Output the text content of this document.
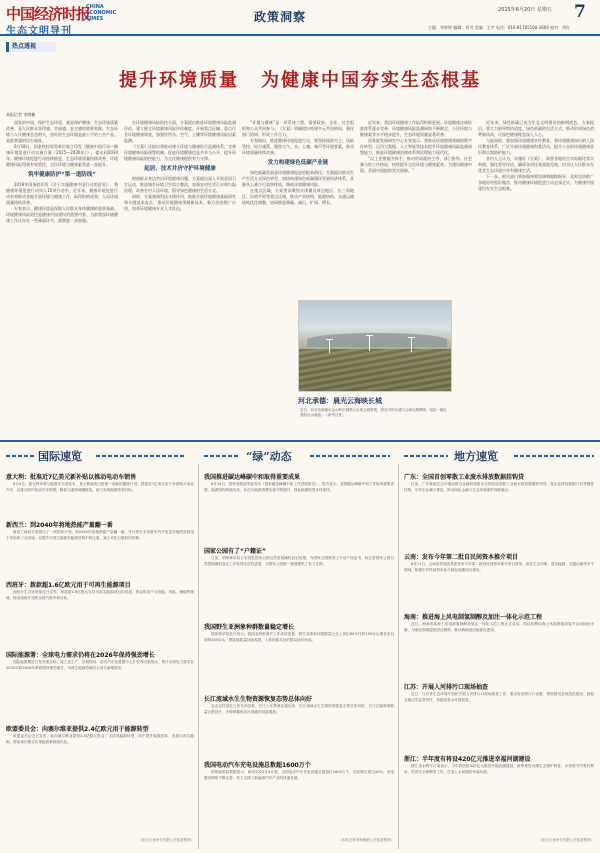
中国经济时报
CHINA ECONOMIC TIMES
生态文明导刊
政策洞察	2025年6月20日 星期五 7
主编：李婷婷 编辑：刘书 美编：王宇 电话：010-81785100-1600 校对：尚红
热点透视
提升环境质量 为健康中国夯实生态根基
本报记者 李海楠

国家的中国，保护生态环境，就是保护健康；生态环境质量改善，是人民群众获得感、幸福感、安全感的重要来源。生态环境与人民健康息息相关，良好的生态环境是最公平的公共产品，是最普惠的民生福祉。

6月18日，国家疾控局等单位联合印发《健康中国行动—健康环境促进行动实施方案（2025—2030年）》，提出到2030年，健康环境促进行动持续推进，生态环境质量持续改善，环境健康风险得到有效管控，全民环境与健康素养进一步提升。

筑牢健康防护“第一道防线”

2019年国务院印发《关于实施健康中国行动的意见》，将健康环境促进行动列入15项行动中。近年来，健康环境促进行动有效推动各地开展环境与健康工作，取得积极成效，人居环境质量持续改善。

专家表示，健康环境是保障人民群众身体健康的重要基础，环境健康风险防控是健康中国建设的重要内容。当前我国环境健康工作还存在一些薄弱环节，需要进一步加强。

在环境健康风险防控方面，方案提出推进环境健康风险监测评估，建立健全环境健康风险评估制度，开展重点区域、重点行业环境健康调查，加强饮用水、空气、土壤等环境健康风险因素监测。

《方案》还提出将推动建立环境与健康综合监测体系，完善环境健康风险预警机制，促进环境健康信息共享与公开，提升环境健康风险防控能力，为全民健康提供有力支撑。

起居、技术并济守护环境健康

围绕群众身边突出环境健康问题，方案提出深入开展爱国卫生运动，推进城乡环境卫生综合整治，加强农村生活污水和垃圾治理，改善农村人居环境，倡导绿色健康的生活方式。

同时，方案强调科技支撑作用，鼓励开展环境健康基础研究和关键技术攻关，推动环境健康领域新技术、新方法的推广应用，培养环境健康专业人才队伍。

“环境与健康”是一项系统工程，需要政府、企业、社会组织和公众共同参与。《方案》明确提出构建多元共治格局，强化部门协同，形成工作合力。

专家指出，推进健康环境促进行动，要坚持预防为主、风险管控、综合施策，聚焦大气、水、土壤、噪声等环境要素，推动环境质量持续改善。

发力构建绿色低碳产业链

绿色低碳发展是环境健康促进的根本路径。方案提出推动生产生活方式绿色转型，加快构建绿色低碳循环发展经济体系，从源头上减少污染物排放，降低环境健康风险。

在重点区域，方案要求聚焦京津冀及周边地区、长三角地区、汾渭平原等重点区域，推动产业结构、能源结构、交通运输结构优化调整，协同推进降碳、减污、扩绿、增长。

近年来，我国环境健康工作取得积极进展。环境健康法规标准体系逐步完善，环境健康风险监测网络不断健全，公民环境与健康素养水平稳步提升，生态环境质量显著改善。

国务院发展研究中心专家表示，要推动环境健康领域的数字化转型，运用大数据、人工智能等技术提升环境健康风险监测预警能力，推进环境健康治理体系和治理能力现代化。

“以上述措施为抓手，推动形成政府主导、部门协作、社会参与的工作格局，持续提升全民环境与健康素养，为建设健康中国、美丽中国提供坚实保障。”

近年来，绿色低碳已成为生态文明建设的鲜明底色。方案提出，要大力倡导简约适度、绿色低碳的生活方式，推动形成绿色消费新风尚，让绿色健康理念深入人心。

与此同时，要加强环境健康宣传教育，将环境健康知识纳入国民教育体系，广泛开展环境健康科普活动，提升公众的环境健康意识和自我防护能力。

业内人士认为，实施好《方案》，需要各地结合实际细化落实举措，强化督导评估，确保各项任务落地见效，切实让人民群众在优美生态环境中享有健康生活。

下一步，相关部门将加强统筹协调和跟踪指导，及时总结推广各地好经验好做法，推动健康环境促进行动走深走实，为健康中国建设夯实生态根基。

河北承德：晨光云海映长城
近日，河北省承德市金山岭长城景区出现云海景观，晨光中的长城与云海交相辉映，宛如一幅壮美的山水画卷。（新华社发）
国际速览	“绿”动态	地方速览
意大利：批准近7亿美元新补贴以推动电动车销售
6月4日，意大利环境与能源安全部宣布，意大利政府已批准一项新的激励计划，拨款近7亿美元用于补贴购买电动汽车，以推动国内电动汽车销售，降低交通领域碳排放，助力实现能源转型目标。
新西兰：到2040年将地热能产量翻一番
新西兰政府日前推出了一项国家计划，到2040年将地热能产量翻一番，并计划在未来数年内开放更多地热资源用于发电和工业用途，以提升可再生能源在能源结构中的比重，减少对化石燃料的依赖。
西班牙：拨款超1.6亿欧元用于可再生能源项目
西班牙生态转型部近日宣布，拨款超1.6亿欧元支持可再生能源项目的发展，资金将用于太阳能、风能、储能等领域，推动西班牙加快实现气候中和目标。
国际能源署：全球电力需求仍将在2026年保持强劲增长
国际能源署近日发布报告称，受工业生产、空调使用、电动汽车及数据中心扩张等因素推动，预计全球电力需求在2025年和2026年都将保持强劲增长，可再生能源将满足大部分新增需求。
欧盟委员会：向塞尔维亚提供2.4亿欧元用于能源转型
欧盟委员会近日宣布，将向塞尔维亚提供2.4亿欧元资金，支持其能源转型，用于提升能源效率、发展可再生能源，帮助塞尔维亚实现能源系统现代化。
（见习记者徐书杰据公开报道整理）
我国推进碳达峰碳中和取得重要成果
6月15日，国家发展改革委发布《国家碳达峰碳中和工作进展报告》，报告显示，我国碳达峰碳中和工作取得重要进展，能源结构持续优化，非化石能源消费比重不断提升，绿色低碳转型步伐加快。
国家公园有了“户籍证”
日前，国家林草局公布首批国家公园自然资源确权登记结果，为国家公园颁发了不动产权证书，标志着国家公园自然资源确权登记工作取得实质性进展，为国家公园统一管理提供了有力支撑。
我国野生亚洲象种群数量稳定增长
国家林草局近日表示，我国亚洲象保护工作成效显著，野生亚洲象种群数量已从上世纪80年代的150余头增长至目前的300余头，栖息地质量持续改善，人象和谐共处的格局逐步形成。
长江流域水生生物资源恢复态势总体向好
农业农村部近日发布消息称，长江十年禁渔实施以来，长江流域水生生物资源恢复态势总体向好，长江江豚种群数量止跌回升，多种珍稀鱼类出现频次明显增加。
我国电动汽车充电设施总数超1600万个
国家能源局数据显示，截至2025年4月底，全国电动汽车充电设施总数超过1600万个，同比增长超过40%，充电服务网络不断完善，有力支撑了新能源汽车产业的快速发展。
（本报记者李海楠据公开报道整理）
广东：全国首创零散工业废水排放数据挂钩贷
日前，广东某地生态环境局联合金融机构推出全国首创零散工业废水排放数据挂钩贷，将企业排放数据与信贷额度挂钩，引导企业减少排放，推动绿色金融与生态环境保护深度融合。
云南：发布今年第二批自民间资本推介项目
6月11日，云南省发展改革委发布今年第二批向民间资本推介项目清单，涉及生态环保、清洁能源、交通运输等多个领域，积极引导民间资本参与绿色低碳项目建设。
海南：推进海上风电制氢制醇及加注一体化示范工程
近日，海南省某海上风电制氢制醇及加注一体化示范工程正式启动，项目将利用海上风电制取绿氢并合成绿色甲醇，为航运领域提供清洁燃料，推动海南清洁能源岛建设。
江苏：开展入河排污口现场抽查
近日，江苏省生态环境厅组织开展入河排污口现场抽查工作，重点检查排污口设置、排放情况及规范化建设，督促各地压实监管责任，持续改善水环境质量。
浙江：半年度有将设420亿元推进幸福河湖建设
浙江省水利厅日前表示，今年将投资420亿元推进幸福河湖建设，统筹推进河湖生态保护修复、水资源节约集约利用、防洪安全保障等工作，打造人水和谐的幸福河湖。
（见习记者徐书杰据公开报道整理）
